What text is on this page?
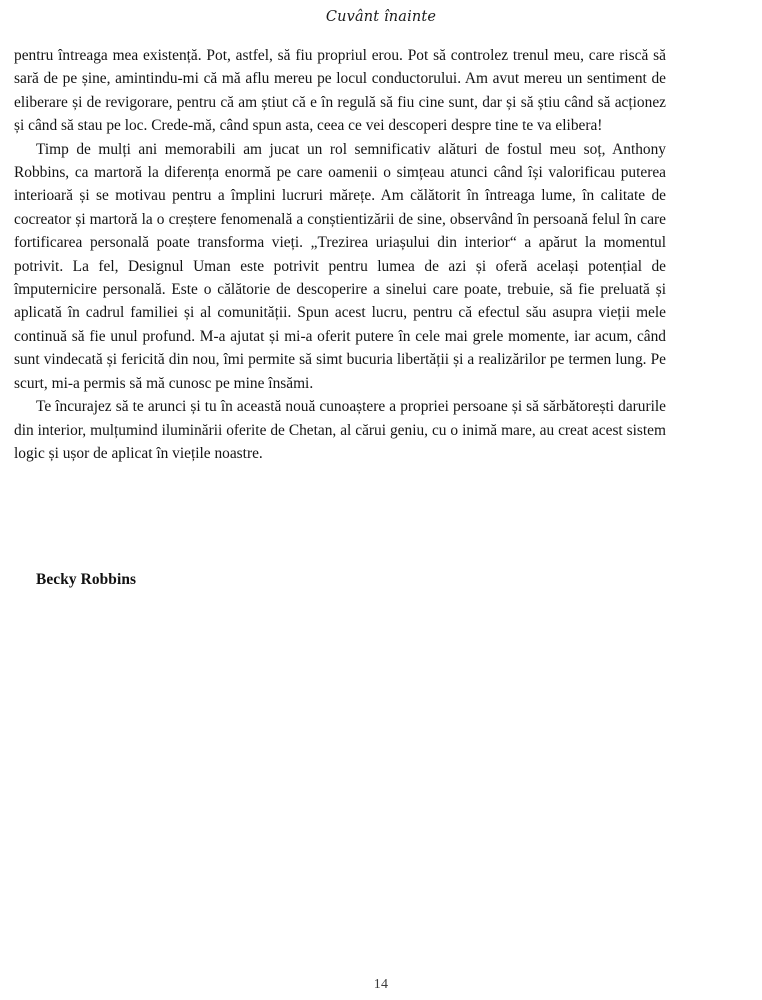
Cuvânt înainte

pentru întreaga mea existență. Pot, astfel, să fiu propriul erou. Pot să controlez trenul meu, care riscă să sară de pe șine, amintindu-mi că mă aflu mereu pe locul conductorului. Am avut mereu un sentiment de eliberare și de revigorare, pentru că am știut că e în regulă să fiu cine sunt, dar și să știu când să acționez și când să stau pe loc. Crede-mă, când spun asta, ceea ce vei descoperi despre tine te va elibera!

Timp de mulți ani memorabili am jucat un rol semnificativ alături de fostul meu soț, Anthony Robbins, ca martoră la diferența enormă pe care oamenii o simțeau atunci când își valorificau puterea interioară și se motivau pentru a împlini lucruri mărețe. Am călătorit în întreaga lume, în calitate de cocreator și martoră la o creștere fenomenală a conștientizării de sine, observând în persoană felul în care fortificarea personală poate transforma vieți. „Trezirea uriașului din interior“ a apărut la momentul potrivit. La fel, Designul Uman este potrivit pentru lumea de azi și oferă același potențial de împuternicire personală. Este o călătorie de descoperire a sinelui care poate, trebuie, să fie preluată și aplicată în cadrul familiei și al comunității. Spun acest lucru, pentru că efectul său asupra vieții mele continuă să fie unul profund. M-a ajutat și mi-a oferit putere în cele mai grele momente, iar acum, când sunt vindecată și fericită din nou, îmi permite să simt bucuria libertății și a realizărilor pe termen lung. Pe scurt, mi-a permis să mă cunosc pe mine însămi.

Te încurajez să te arunci și tu în această nouă cunoaștere a propriei persoane și să sărbătorești darurile din interior, mulțumind iluminării oferite de Chetan, al cărui geniu, cu o inimă mare, au creat acest sistem logic și ușor de aplicat în viețile noastre.

Becky Robbins

14
